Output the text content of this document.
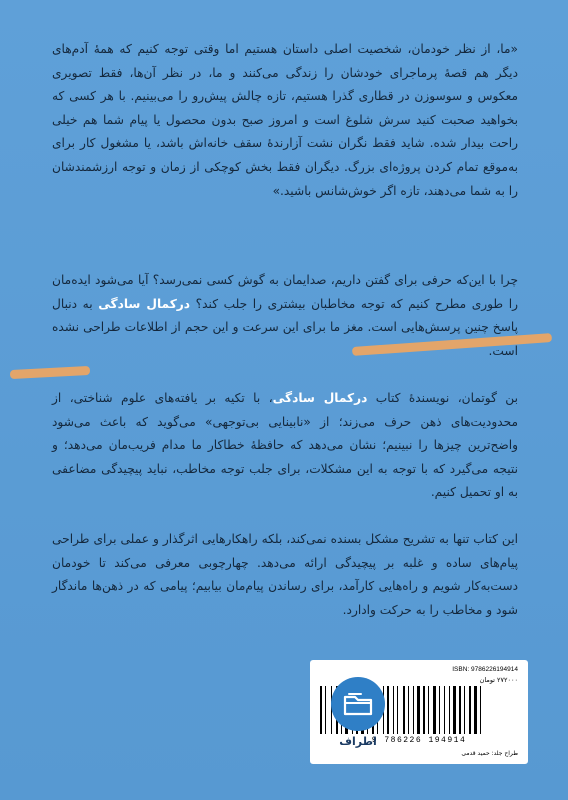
«ما، از نظر خودمان، شخصیت اصلی داستان هستیم اما وقتی توجه کنیم که همهٔ آدم‌های دیگر هم قصهٔ پرماجرای خودشان را زندگی می‌کنند و ما، در نظر آن‌ها، فقط تصویری معکوس و سوسوزن در قطاری گذرا هستیم، تازه چالش پیش‌رو را می‌بینیم. با هر کسی که بخواهید صحبت کنید سرش شلوغ است و امروز صبح بدون محصول یا پیام شما هم خیلی راحت بیدار شده. شاید فقط نگران نشت آزارندهٔ سقف خانه‌اش باشد، یا مشغول کار برای به‌موقع تمام کردن پروژه‌ای بزرگ. دیگران فقط بخش کوچکی از زمان و توجه ارزشمندشان را به شما می‌دهند، تازه اگر خوش‌شانس باشید.»
چرا با این‌که حرفی برای گفتن داریم، صدایمان به گوش کسی نمی‌رسد؟ آیا می‌شود ایده‌مان را طوری مطرح کنیم که توجه مخاطبان بیشتری را جلب کند؟ درکمال سادگی به دنبال پاسخ چنین پرسش‌هایی است. مغز ما برای این سرعت و این حجم از اطلاعات طراحی نشده است.
بن گوتمان، نویسندهٔ کتاب درکمال سادگی، با تکیه بر یافته‌های علوم شناختی، از محدودیت‌های ذهن حرف می‌زند؛ از «نابینایی بی‌توجهی» می‌گوید که باعث می‌شود واضح‌ترین چیزها را نبینیم؛ نشان می‌دهد که حافظهٔ خطاکار ما مدام فریب‌مان می‌دهد؛ و نتیجه می‌گیرد که با توجه به این مشکلات، برای جلب توجه مخاطب، نباید پیچیدگی مضاعفی به او تحمیل کنیم.
این کتاب تنها به تشریح مشکل بسنده نمی‌کند، بلکه راهکارهایی اثرگذار و عملی برای طراحی پیام‌های ساده و غلبه بر پیچیدگی ارائه می‌دهد. چهارچوبی معرفی می‌کند تا خودمان دست‌به‌کار شویم و راه‌هایی کارآمد، برای رساندن پیام‌مان بیابیم؛ پیامی که در ذهن‌ها ماندگار شود و مخاطب را به حرکت وادارد.
ISBN: 9786226194914
۲۷۲۰۰۰ تومان
9 786226 194914
طراح جلد: حمید قدمی
اطراف
